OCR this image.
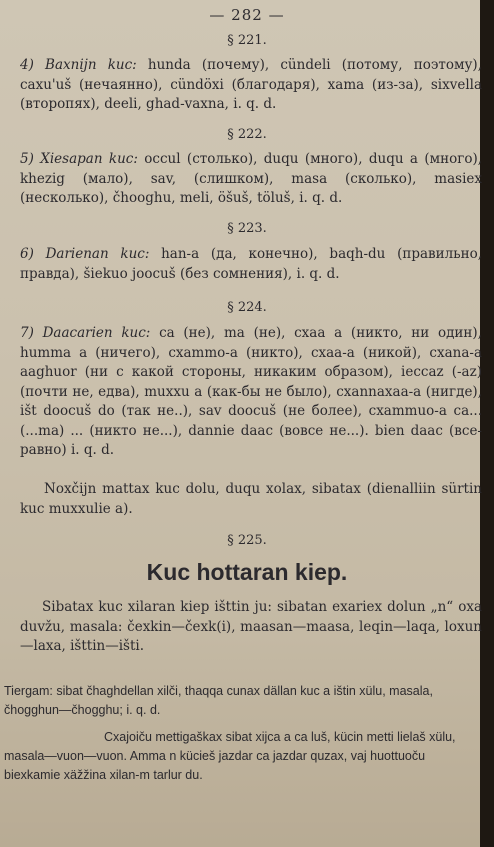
— 282 —
§ 221.

4) Baxnijn kuc: hunda (почему), cündeli (потому, поэтому), caxu'uš (нечаянно), cündöxi (благодаря), xama (из-за), sixvella (второпях), deeli, ghad-vaxna, i. q. d.

§ 222.

5) Xiesapan kuc: occul (столько), duqu (много), duqu a (много), khezig (мало), sav, (слишком), masa (сколько), masiex (несколько), čhooghu, meli, öšuš, töluš, i. q. d.

§ 223.

6) Darienan kuc: han-a (да, конечно), baqh-du (правильно, правда), šiekuo joocuš (без сомнения), i. q. d.

§ 224.

7) Daacarien kuc: ca (не), ma (не), cxaa a (никто, ни один), humma a (ничего), cxammo-a (никто), cxaa-a (никой), cxana-a aaghuor (ни с какой стороны, никаким образом), ieccaz (-az) (почти не, едва), muxxu a (как-бы не было), cxannaxaa-a (нигде), išt doocuš do (так не..), sav doocuš (не более), cxammuo-a ca... (...ma) ... (никто не...), dannie daac (вовсе не...). bien daac (все-равно) i. q. d.

Noxčijn mattax kuc dolu, duqu xolax, sibatax (dienalliin sürtin kuc muxxulie a).

§ 225.
Kuc hottaran kiep.

Sibatax kuc xilaran kiep išttin ju: sibatan exariex dolun „n“ oxa duvžu, masala: čexkin—čexk(i), maasan—maasa, leqin—laqa, loxun—laxa, išttin—išti.

Tiergam: sibat čhaghdellan xilči, thaqqa cunax dällan kuc a ištin xülu, masala, čhogghun—čhogghu; i. q. d.

Cxajoiču mettigaškax sibat xijca a ca luš, kücin metti lielaš xülu, masala—vuon—vuon. Amma n kücieš jazdar ca jazdar quzax, vaj huottuoču biexkamie xäžžina xilan-m tarlur du.
